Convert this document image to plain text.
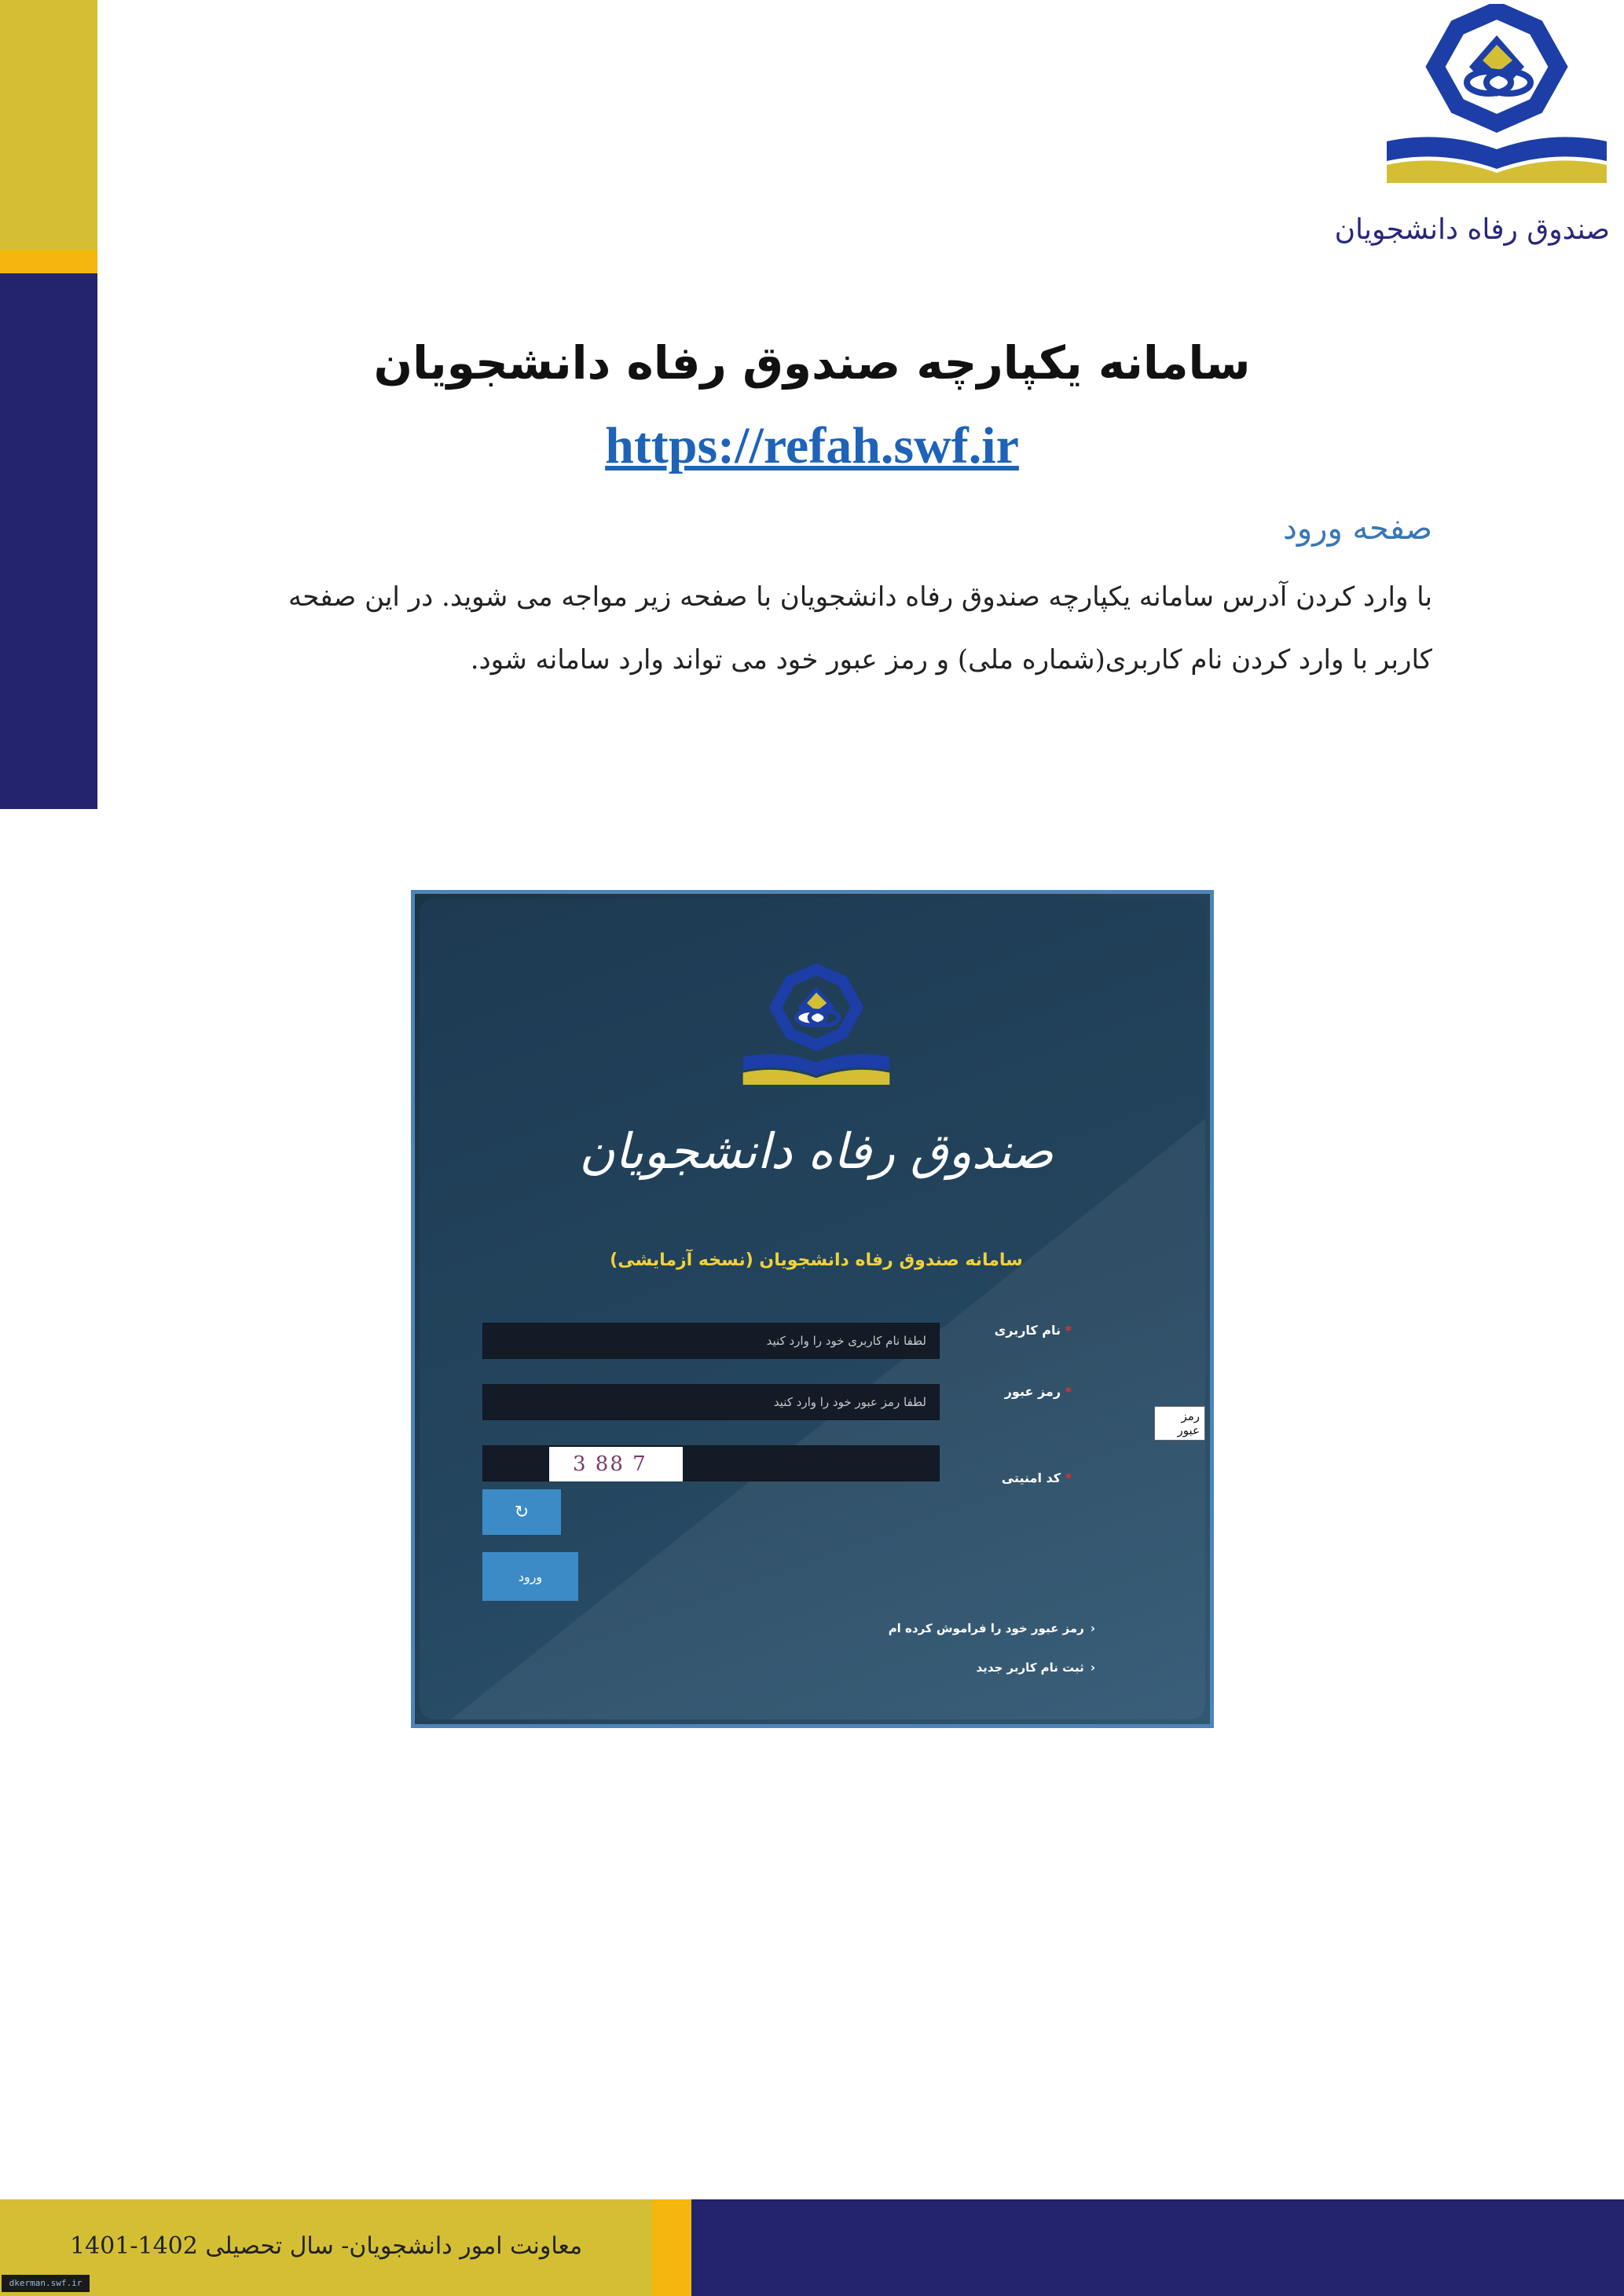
صندوق رفاه دانشجویان
سامانه یکپارچه صندوق رفاه دانشجویان
https://refah.swf.ir
صفحه ورود
با وارد کردن آدرس سامانه یکپارچه صندوق رفاه دانشجویان با صفحه زیر مواجه می شوید. در این صفحه
کاربر با وارد کردن نام کاربری(شماره ملی) و رمز عبور خود می تواند وارد سامانه شود.
صندوق رفاه دانشجویان
سامانه صندوق رفاه دانشجویان (نسخه آزمایشی)
* نام کاربری
لطفا نام کاربری خود را وارد کنید
* رمز عبور
رمز عبور
* کد امنیتی
3 88 7
↻
ورود
‹رمز عبور خود را فراموش کرده ام
‹ثبت نام کاربر جدید
معاونت امور دانشجویان- سال تحصیلی 1402-1401
dkerman.swf.ir
